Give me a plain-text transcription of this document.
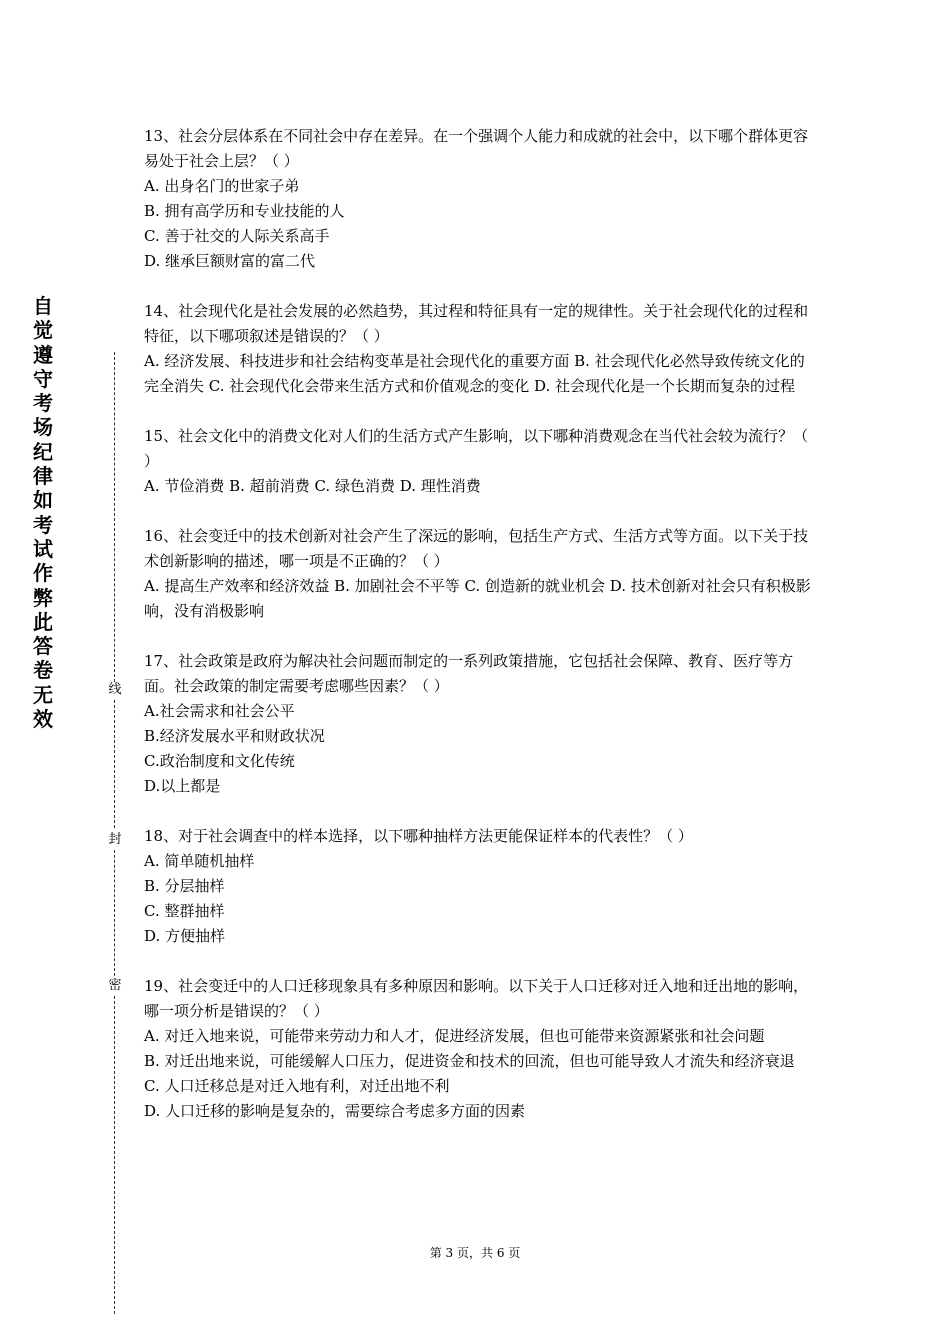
自觉遵守考场纪律如考试作弊此答卷无效
线
封
密

13、社会分层体系在不同社会中存在差异。在一个强调个人能力和成就的社会中，以下哪个群体更容易处于社会上层？（ ）

A. 出身名门的世家子弟

B. 拥有高学历和专业技能的人

C. 善于社交的人际关系高手

D. 继承巨额财富的富二代

14、社会现代化是社会发展的必然趋势，其过程和特征具有一定的规律性。关于社会现代化的过程和特征，以下哪项叙述是错误的？（ ）

A. 经济发展、科技进步和社会结构变革是社会现代化的重要方面 B. 社会现代化必然导致传统文化的完全消失 C. 社会现代化会带来生活方式和价值观念的变化 D. 社会现代化是一个长期而复杂的过程

15、社会文化中的消费文化对人们的生活方式产生影响，以下哪种消费观念在当代社会较为流行？（ ）

A. 节俭消费 B. 超前消费 C. 绿色消费 D. 理性消费

16、社会变迁中的技术创新对社会产生了深远的影响，包括生产方式、生活方式等方面。以下关于技术创新影响的描述，哪一项是不正确的？（ ）

A. 提高生产效率和经济效益 B. 加剧社会不平等 C. 创造新的就业机会 D. 技术创新对社会只有积极影响，没有消极影响

17、社会政策是政府为解决社会问题而制定的一系列政策措施，它包括社会保障、教育、医疗等方面。社会政策的制定需要考虑哪些因素？（ ）

A.社会需求和社会公平

B.经济发展水平和财政状况

C.政治制度和文化传统

D.以上都是

18、对于社会调查中的样本选择，以下哪种抽样方法更能保证样本的代表性？（ ）

A. 简单随机抽样

B. 分层抽样

C. 整群抽样

D. 方便抽样

19、社会变迁中的人口迁移现象具有多种原因和影响。以下关于人口迁移对迁入地和迁出地的影响，哪一项分析是错误的？（ ）

A. 对迁入地来说，可能带来劳动力和人才，促进经济发展，但也可能带来资源紧张和社会问题

B. 对迁出地来说，可能缓解人口压力，促进资金和技术的回流，但也可能导致人才流失和经济衰退

C. 人口迁移总是对迁入地有利，对迁出地不利

D. 人口迁移的影响是复杂的，需要综合考虑多方面的因素

第 3 页，共 6 页
